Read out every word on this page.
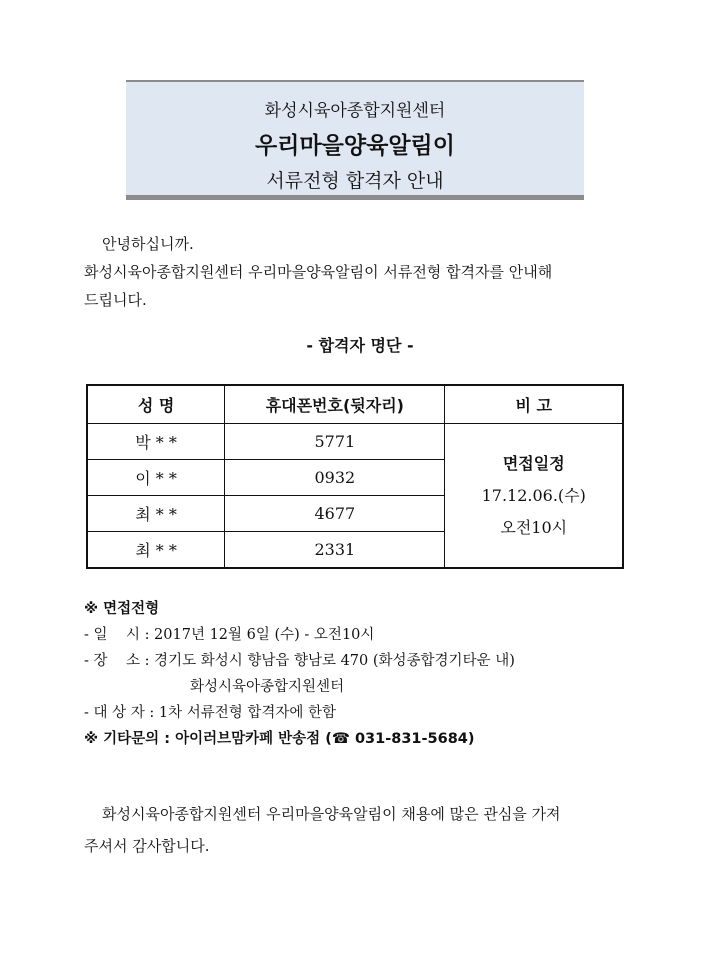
화성시육아종합지원센터
우리마을양육알림이
서류전형 합격자 안내
안녕하십니까.
화성시육아종합지원센터 우리마을양육알림이 서류전형 합격자를 안내해
드립니다.
- 합격자 명단 -
성 명	휴대폰번호(뒷자리)	비 고
박 * *	5771	면접일정
17.12.06.(수)
오전10시

이 * *	0932	
최 * *	4677	
최 * *	2331	
※ 면접전형
- 일    시 : 2017년 12월 6일 (수) - 오전10시
- 장    소 : 경기도 화성시 향남읍 향남로 470 (화성종합경기타운 내)
화성시육아종합지원센터
- 대 상 자 : 1차 서류전형 합격자에 한함
※ 기타문의 : 아이러브맘카페 반송점 (☎ 031-831-5684)
화성시육아종합지원센터 우리마을양육알림이 채용에 많은 관심을 가져
주셔서 감사합니다.
